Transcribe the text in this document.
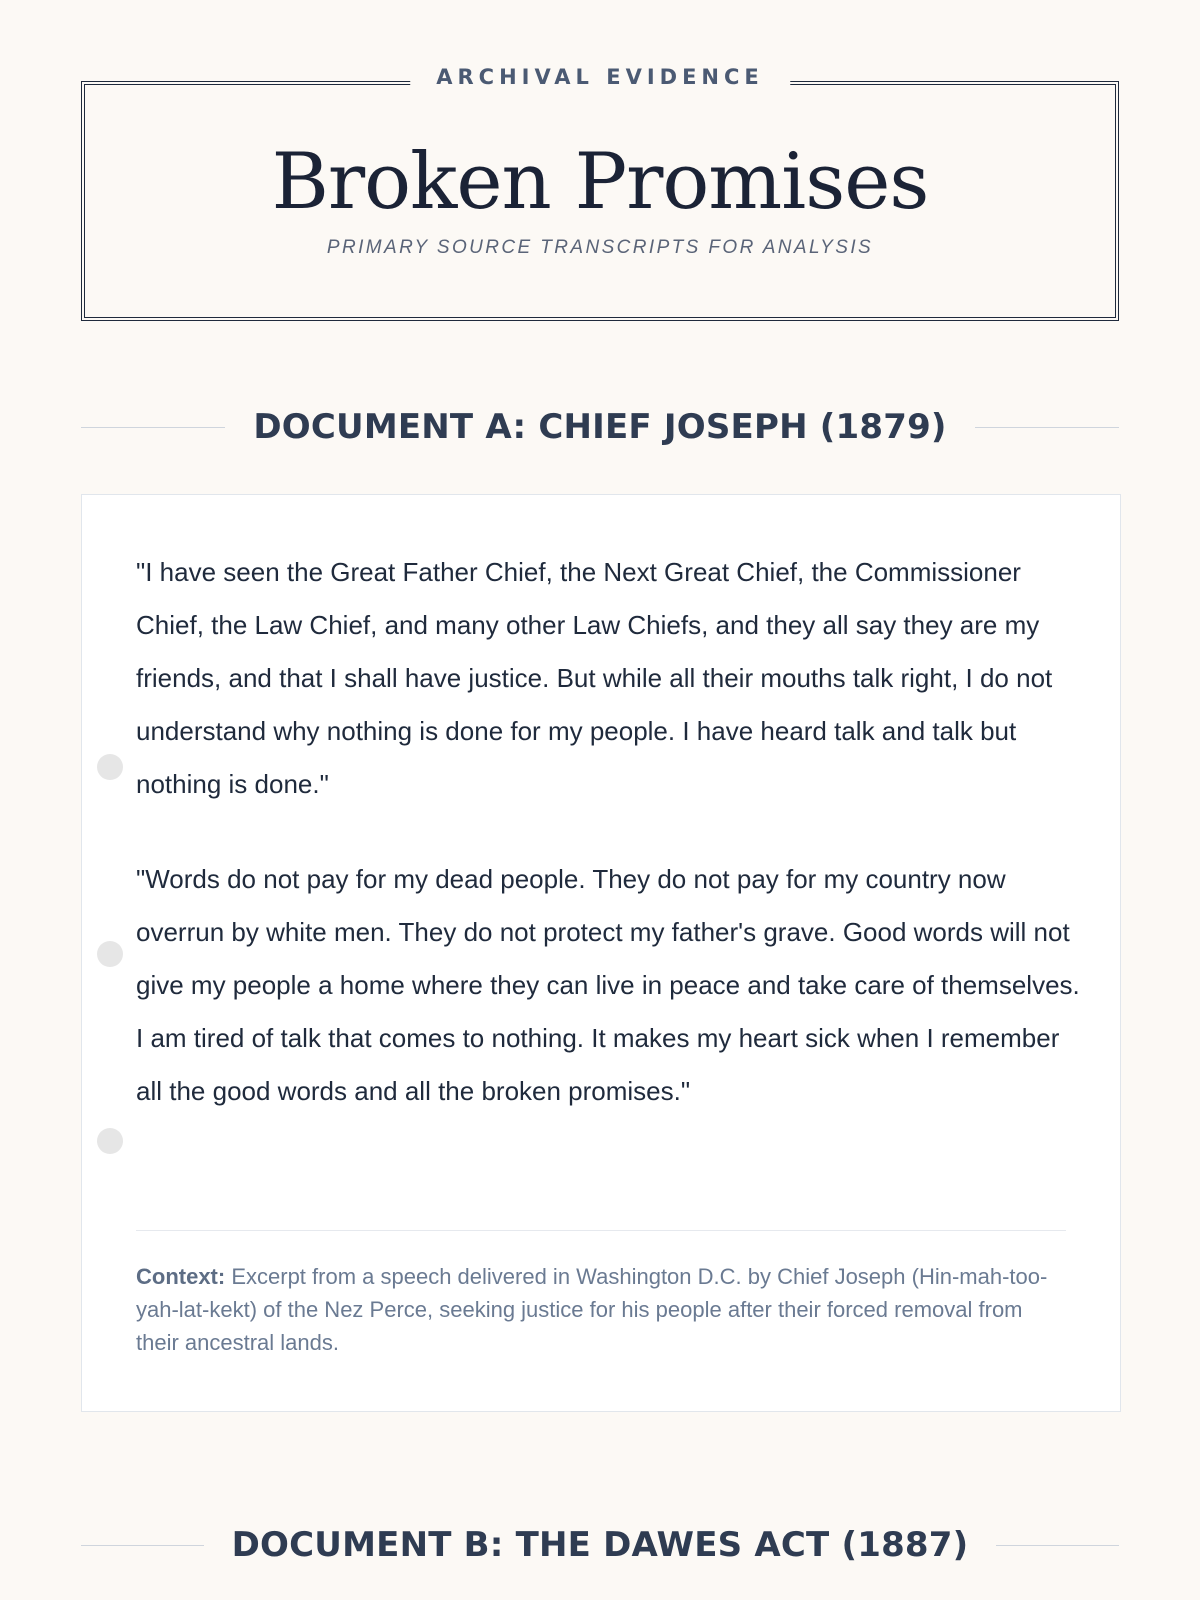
ARCHIVAL EVIDENCE
Broken Promises

PRIMARY SOURCE TRANSCRIPTS FOR ANALYSIS

DOCUMENT A: CHIEF JOSEPH (1879)

"I have seen the Great Father Chief, the Next Great Chief, the Commissioner Chief, the Law Chief, and many other Law Chiefs, and they all say they are my friends, and that I shall have justice. But while all their mouths talk right, I do not understand why nothing is done for my people. I have heard talk and talk but nothing is done."

"Words do not pay for my dead people. They do not pay for my country now overrun by white men. They do not protect my father's grave. Good words will not give my people a home where they can live in peace and take care of themselves. I am tired of talk that comes to nothing. It makes my heart sick when I remember all the good words and all the broken promises."

Context: Excerpt from a speech delivered in Washington D.C. by Chief Joseph (Hin-mah-too-yah-lat-kekt) of the Nez Perce, seeking justice for his people after their forced removal from their ancestral lands.

DOCUMENT B: THE DAWES ACT (1887)
